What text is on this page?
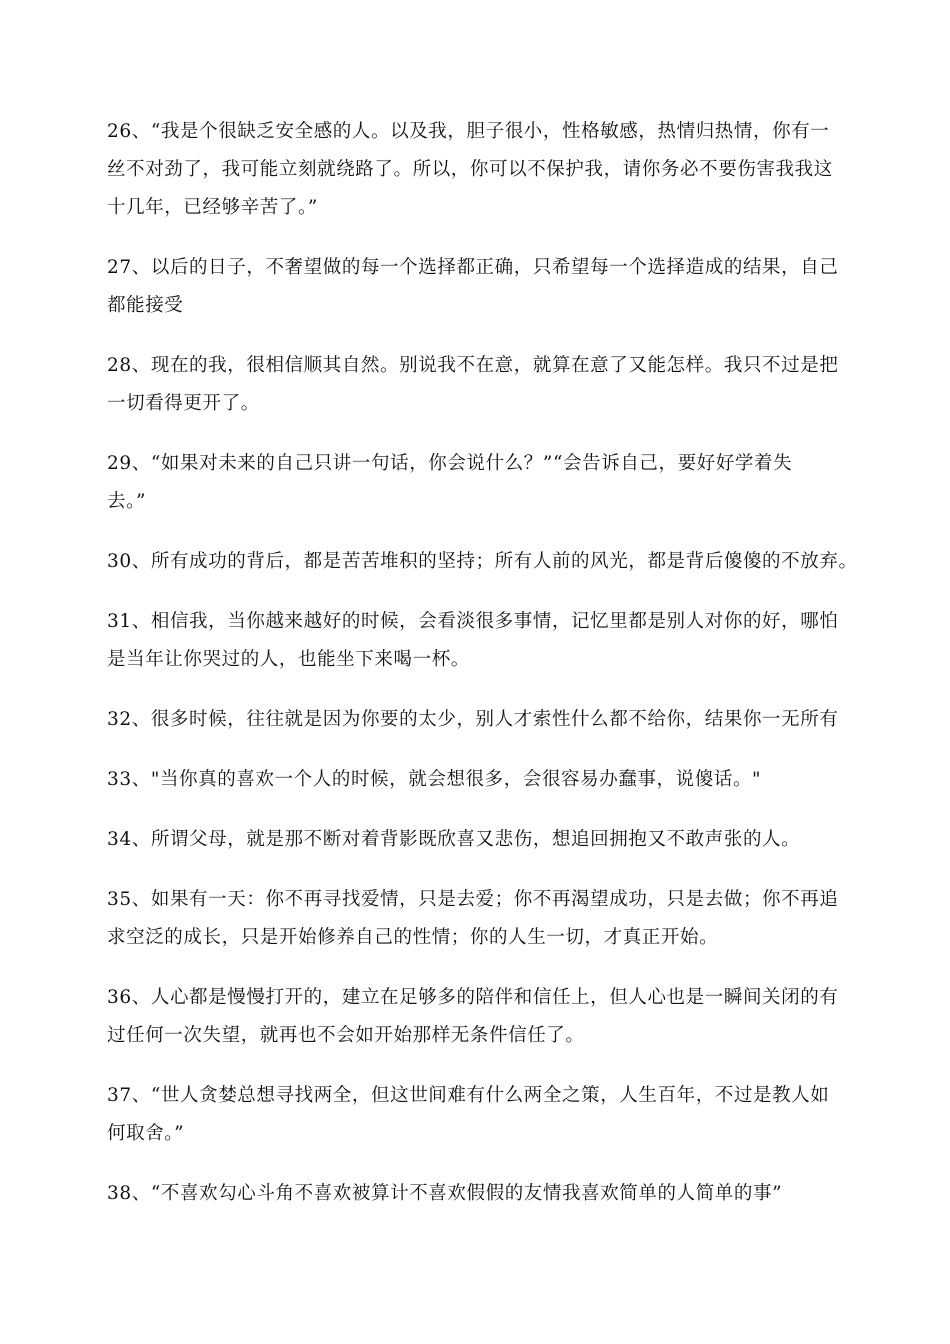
26、“我是个很缺乏安全感的人。以及我，胆子很小，性格敏感，热情归热情，你有一
丝不对劲了，我可能立刻就绕路了。所以，你可以不保护我，请你务必不要伤害我我这
十几年，已经够辛苦了。”
27、以后的日子，不奢望做的每一个选择都正确，只希望每一个选择造成的结果，自己
都能接受
28、现在的我，很相信顺其自然。别说我不在意，就算在意了又能怎样。我只不过是把
一切看得更开了。
29、“如果对未来的自己只讲一句话，你会说什么？”“会告诉自己，要好好学着失
去。”
30、所有成功的背后，都是苦苦堆积的坚持；所有人前的风光，都是背后傻傻的不放弃。
31、相信我，当你越来越好的时候，会看淡很多事情，记忆里都是别人对你的好，哪怕
是当年让你哭过的人，也能坐下来喝一杯。
32、很多时候，往往就是因为你要的太少，别人才索性什么都不给你，结果你一无所有
33、"当你真的喜欢一个人的时候，就会想很多，会很容易办蠢事，说傻话。"
34、所谓父母，就是那不断对着背影既欣喜又悲伤，想追回拥抱又不敢声张的人。
35、如果有一天：你不再寻找爱情，只是去爱；你不再渴望成功，只是去做；你不再追
求空泛的成长，只是开始修养自己的性情；你的人生一切，才真正开始。
36、人心都是慢慢打开的，建立在足够多的陪伴和信任上，但人心也是一瞬间关闭的有
过任何一次失望，就再也不会如开始那样无条件信任了。
37、“世人贪婪总想寻找两全，但这世间难有什么两全之策，人生百年，不过是教人如
何取舍。”
38、“不喜欢勾心斗角不喜欢被算计不喜欢假假的友情我喜欢简单的人简单的事”
